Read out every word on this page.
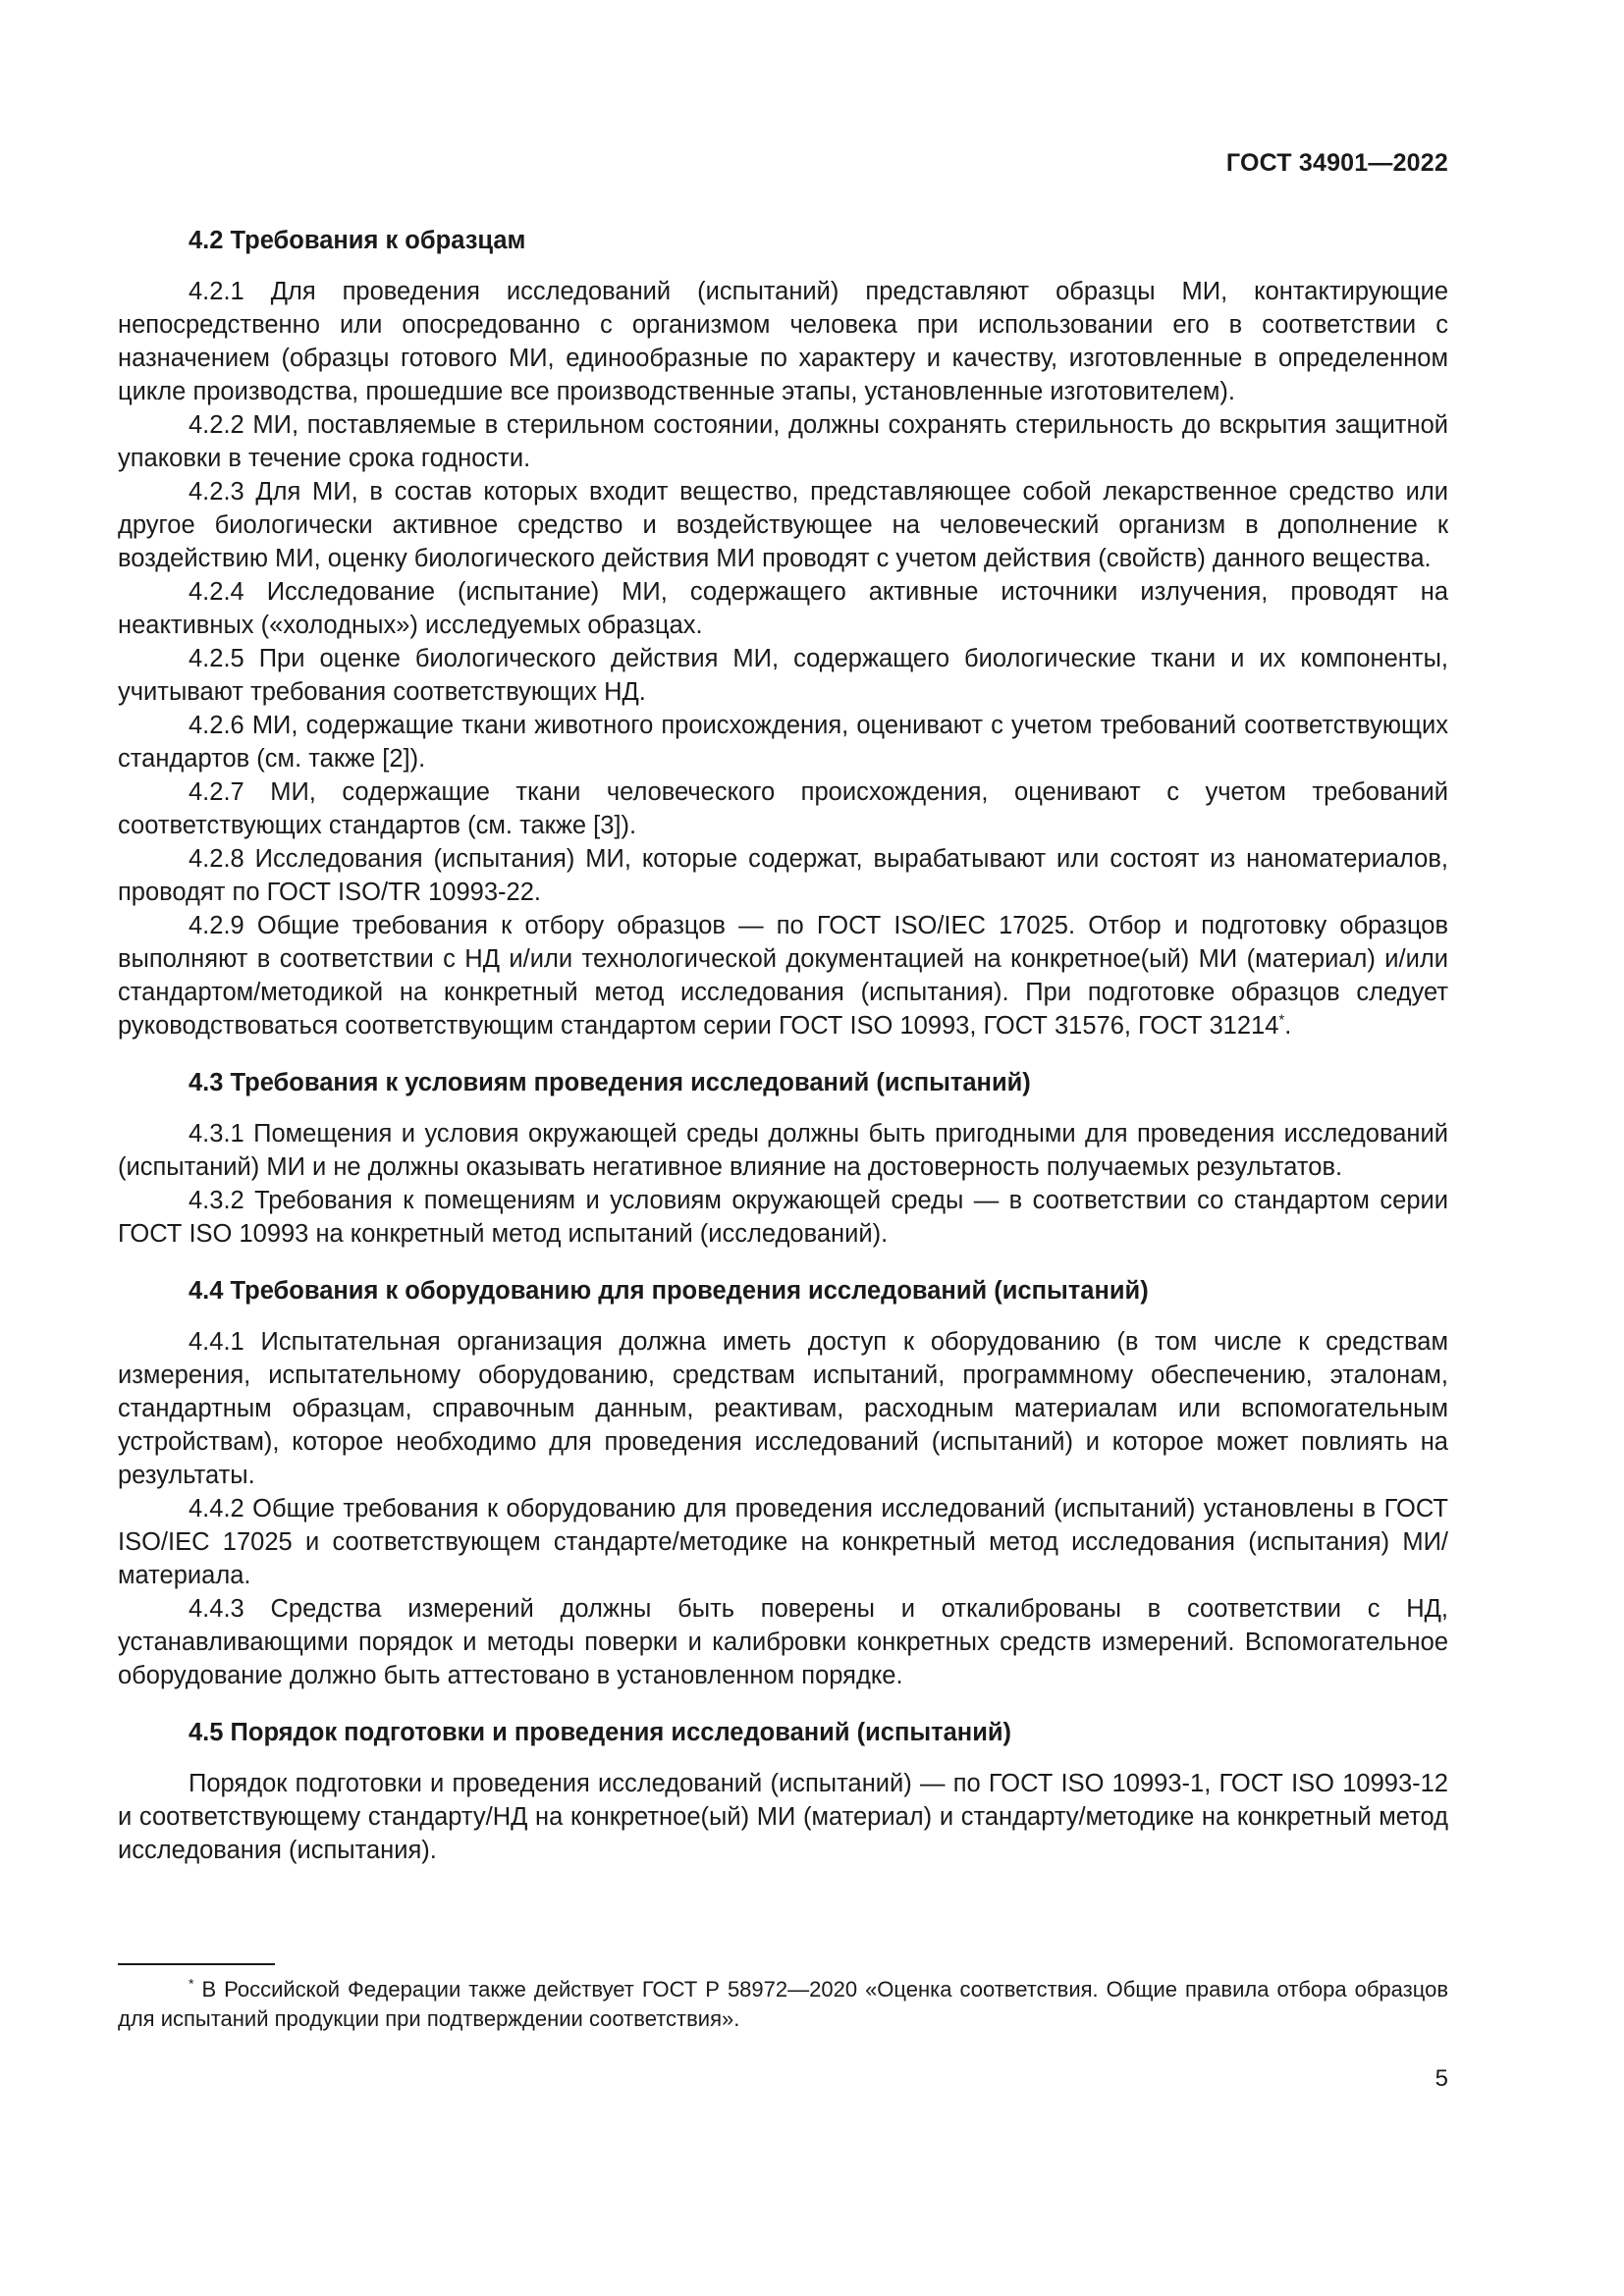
ГОСТ 34901—2022
4.2 Требования к образцам

4.2.1 Для проведения исследований (испытаний) представляют образцы МИ, контактирующие непосредственно или опосредованно с организмом человека при использовании его в соответствии с назначением (образцы готового МИ, единообразные по характеру и качеству, изготовленные в определенном цикле производства, прошедшие все производственные этапы, установленные изготовителем).

4.2.2 МИ, поставляемые в стерильном состоянии, должны сохранять стерильность до вскрытия защитной упаковки в течение срока годности.

4.2.3 Для МИ, в состав которых входит вещество, представляющее собой лекарственное средство или другое биологически активное средство и воздействующее на человеческий организм в дополнение к воздействию МИ, оценку биологического действия МИ проводят с учетом действия (свойств) данного вещества.

4.2.4 Исследование (испытание) МИ, содержащего активные источники излучения, проводят на неактивных («холодных») исследуемых образцах.

4.2.5 При оценке биологического действия МИ, содержащего биологические ткани и их компоненты, учитывают требования соответствующих НД.

4.2.6 МИ, содержащие ткани животного происхождения, оценивают с учетом требований соответствующих стандартов (см. также [2]).

4.2.7 МИ, содержащие ткани человеческого происхождения, оценивают с учетом требований соответствующих стандартов (см. также [3]).

4.2.8 Исследования (испытания) МИ, которые содержат, вырабатывают или состоят из наноматериалов, проводят по ГОСТ ISO/TR 10993-22.

4.2.9 Общие требования к отбору образцов — по ГОСТ ISO/IEC 17025. Отбор и подготовку образцов выполняют в соответствии с НД и/или технологической документацией на конкретное(ый) МИ (материал) и/или стандартом/методикой на конкретный метод исследования (испытания). При подготовке образцов следует руководствоваться соответствующим стандартом серии ГОСТ ISO 10993, ГОСТ 31576, ГОСТ 31214*.

4.3 Требования к условиям проведения исследований (испытаний)

4.3.1 Помещения и условия окружающей среды должны быть пригодными для проведения исследований (испытаний) МИ и не должны оказывать негативное влияние на достоверность получаемых результатов.

4.3.2 Требования к помещениям и условиям окружающей среды — в соответствии со стандартом серии ГОСТ ISO 10993 на конкретный метод испытаний (исследований).

4.4 Требования к оборудованию для проведения исследований (испытаний)

4.4.1 Испытательная организация должна иметь доступ к оборудованию (в том числе к средствам измерения, испытательному оборудованию, средствам испытаний, программному обеспечению, эталонам, стандартным образцам, справочным данным, реактивам, расходным материалам или вспомогательным устройствам), которое необходимо для проведения исследований (испытаний) и которое может повлиять на результаты.

4.4.2 Общие требования к оборудованию для проведения исследований (испытаний) установлены в ГОСТ ISO/IEC 17025 и соответствующем стандарте/методике на конкретный метод исследования (испытания) МИ/материала.

4.4.3 Средства измерений должны быть поверены и откалиброваны в соответствии с НД, устанавливающими порядок и методы поверки и калибровки конкретных средств измерений. Вспомогательное оборудование должно быть аттестовано в установленном порядке.

4.5 Порядок подготовки и проведения исследований (испытаний)

Порядок подготовки и проведения исследований (испытаний) — по ГОСТ ISO 10993-1, ГОСТ ISO 10993-12 и соответствующему стандарту/НД на конкретное(ый) МИ (материал) и стандарту/методике на конкретный метод исследования (испытания).

* В Российской Федерации также действует ГОСТ Р 58972—2020 «Оценка соответствия. Общие правила отбора образцов для испытаний продукции при подтверждении соответствия».
5
